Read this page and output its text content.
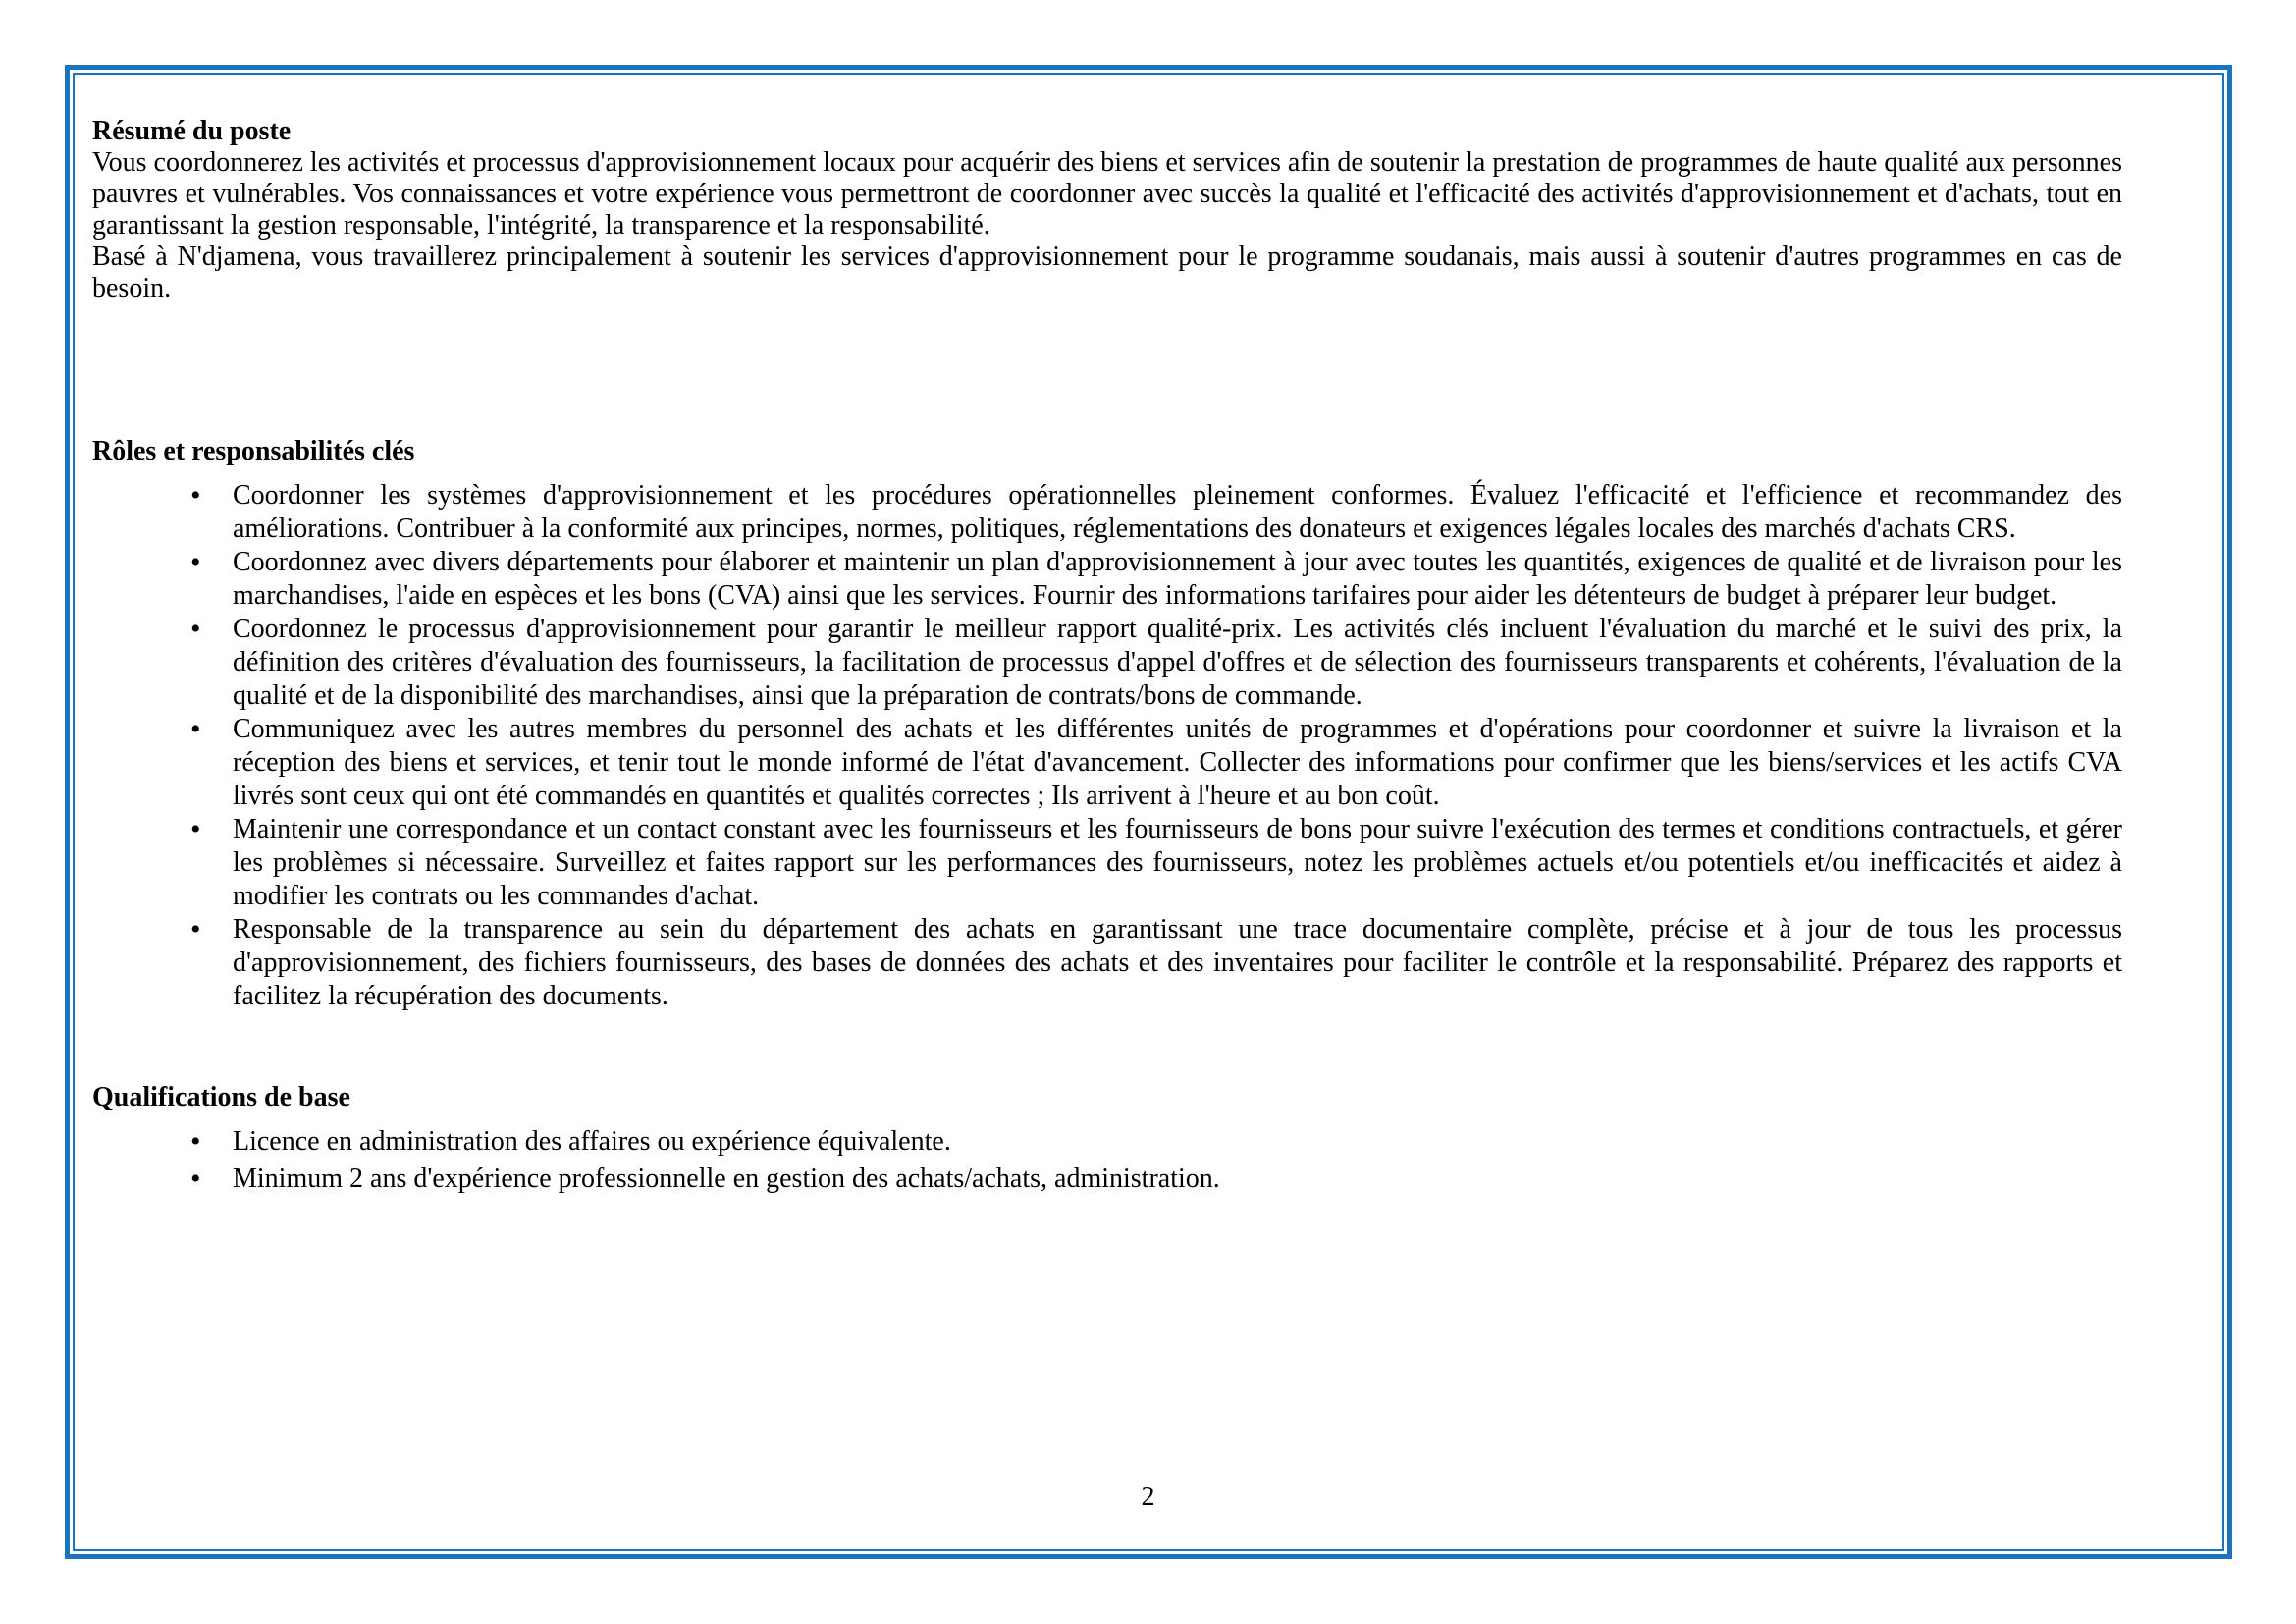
Résumé du poste

Vous coordonnerez les activités et processus d'approvisionnement locaux pour acquérir des biens et services afin de soutenir la prestation de programmes de haute qualité aux personnes pauvres et vulnérables. Vos connaissances et votre expérience vous permettront de coordonner avec succès la qualité et l'efficacité des activités d'approvisionnement et d'achats, tout en garantissant la gestion responsable, l'intégrité, la transparence et la responsabilité.

Basé à N'djamena, vous travaillerez principalement à soutenir les services d'approvisionnement pour le programme soudanais, mais aussi à soutenir d'autres programmes en cas de besoin.

Rôles et responsabilités clés
• Coordonner les systèmes d'approvisionnement et les procédures opérationnelles pleinement conformes. Évaluez l'efficacité et l'efficience et recommandez des améliorations. Contribuer à la conformité aux principes, normes, politiques, réglementations des donateurs et exigences légales locales des marchés d'achats CRS.
• Coordonnez avec divers départements pour élaborer et maintenir un plan d'approvisionnement à jour avec toutes les quantités, exigences de qualité et de livraison pour les marchandises, l'aide en espèces et les bons (CVA) ainsi que les services. Fournir des informations tarifaires pour aider les détenteurs de budget à préparer leur budget.
• Coordonnez le processus d'approvisionnement pour garantir le meilleur rapport qualité-prix. Les activités clés incluent l'évaluation du marché et le suivi des prix, la définition des critères d'évaluation des fournisseurs, la facilitation de processus d'appel d'offres et de sélection des fournisseurs transparents et cohérents, l'évaluation de la qualité et de la disponibilité des marchandises, ainsi que la préparation de contrats/bons de commande.
• Communiquez avec les autres membres du personnel des achats et les différentes unités de programmes et d'opérations pour coordonner et suivre la livraison et la réception des biens et services, et tenir tout le monde informé de l'état d'avancement. Collecter des informations pour confirmer que les biens/services et les actifs CVA livrés sont ceux qui ont été commandés en quantités et qualités correctes ; Ils arrivent à l'heure et au bon coût.
• Maintenir une correspondance et un contact constant avec les fournisseurs et les fournisseurs de bons pour suivre l'exécution des termes et conditions contractuels, et gérer les problèmes si nécessaire. Surveillez et faites rapport sur les performances des fournisseurs, notez les problèmes actuels et/ou potentiels et/ou inefficacités et aidez à modifier les contrats ou les commandes d'achat.
• Responsable de la transparence au sein du département des achats en garantissant une trace documentaire complète, précise et à jour de tous les processus d'approvisionnement, des fichiers fournisseurs, des bases de données des achats et des inventaires pour faciliter le contrôle et la responsabilité. Préparez des rapports et facilitez la récupération des documents.
Qualifications de base
• Licence en administration des affaires ou expérience équivalente.
• Minimum 2 ans d'expérience professionnelle en gestion des achats/achats, administration.
2
